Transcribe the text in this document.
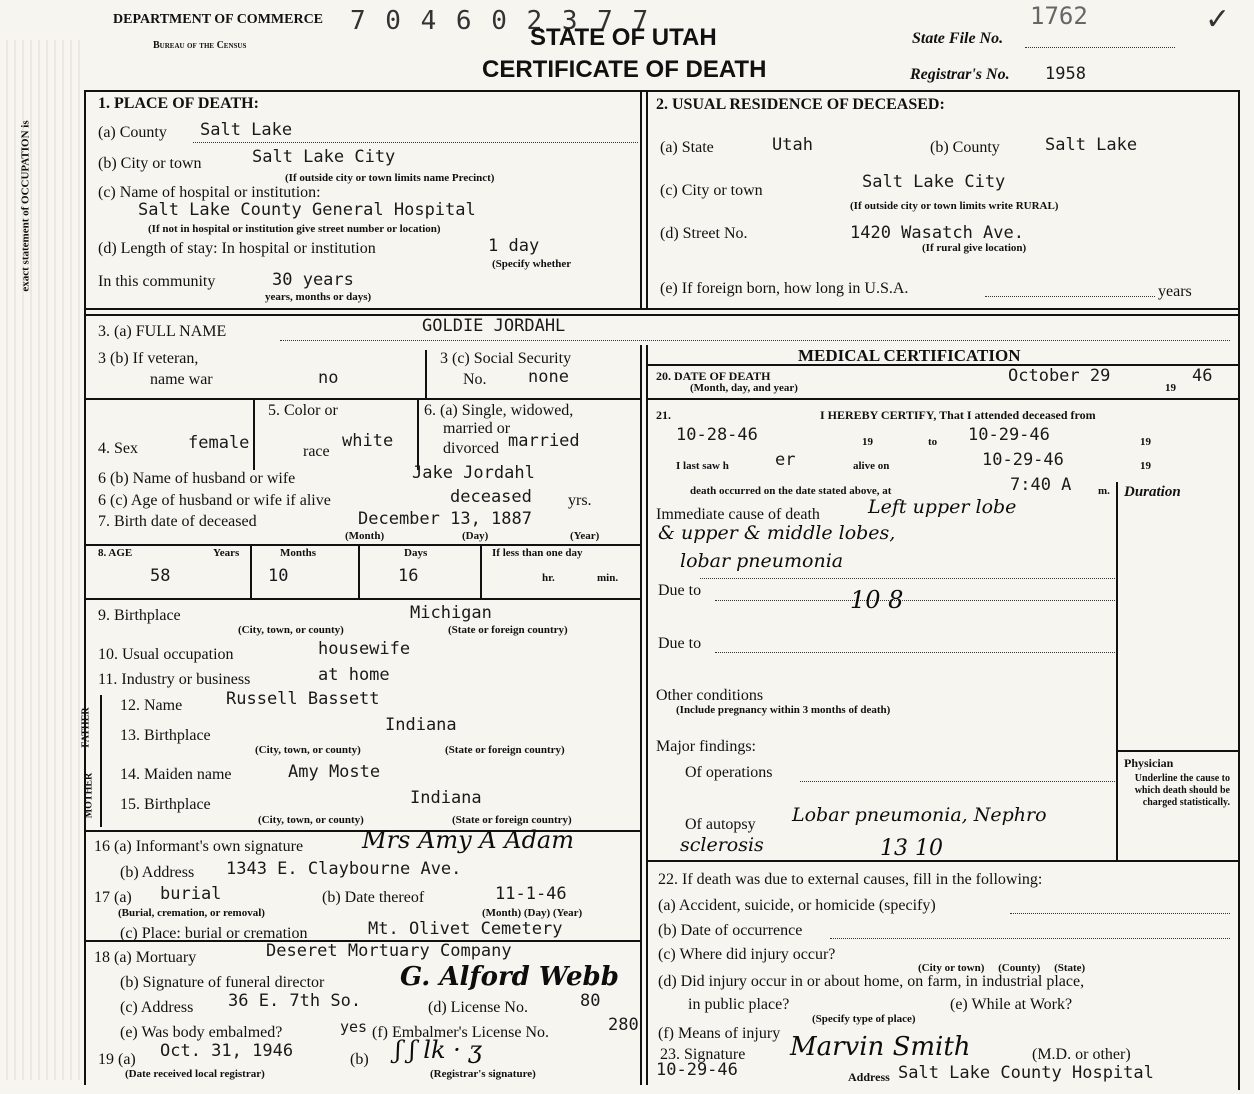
exact statement of OCCUPATION is
DEPARTMENT OF COMMERCE
Bureau of the Census
7 0 4 6 0 2 3 7 7
STATE OF UTAH
CERTIFICATE OF DEATH
State File No.
1762	✓
Registrar's No. 1958
1. PLACE OF DEATH:
(a) County Salt Lake
(b) City or town	Salt Lake City
(If outside city or town limits name Precinct)
(c) Name of hospital or institution:
Salt Lake County General Hospital
(If not in hospital or institution give street number or location)
(d) Length of stay: In hospital or institution	1 day
(Specify whether
In this community	30 years
years, months or days)
2. USUAL RESIDENCE OF DECEASED:
(a) State	Utah	(b) County	Salt Lake
(c) City or town	Salt Lake City
(If outside city or town limits write RURAL)
(d) Street No.	1420 Wasatch Ave.
(If rural give location)
(e) If foreign born, how long in U.S.A.	years
3. (a) FULL NAME	GOLDIE JORDAHL
3 (b) If veteran,
name war	no
3 (c) Social Security
No. none
4. Sex	female
5. Color or
race
white
6. (a) Single, widowed,
married or
divorced married
6 (b) Name of husband or wife	Jake Jordahl
6 (c) Age of husband or wife if alive	deceased yrs.
7. Birth date of deceased	December 13, 1887
(Month)	(Day)	(Year)
8. AGE	Years	Months	Days	If less than one day
58	10	16	hr.	min.
9. Birthplace	Michigan
(City, town, or county)	(State or foreign country)
10. Usual occupation	housewife
11. Industry or business	at home
FATHER
MOTHER
12. Name	Russell Bassett
13. Birthplace
Indiana
(City, town, or county)	(State or foreign country)
14. Maiden name	Amy Moste
15. Birthplace	Indiana
(City, town, or county)	(State or foreign country)
16 (a) Informant's own signature Mrs Amy A Adam
(b) Address 1343 E. Claybourne Ave.
17 (a) burial
(Burial, cremation, or removal)
(b) Date thereof	11-1-46
(Month) (Day) (Year)
(c) Place: burial or cremation	Mt. Olivet Cemetery
18 (a) Mortuary	Deseret Mortuary Company
(b) Signature of funeral director	G. Alford Webb
(c) Address 36 E. 7th So.	(d) License No.	80
(e) Was body embalmed?	yes (f) Embalmer's License No.	280
19 (a) Oct. 31, 1946
(Date received local registrar)
(b) ʃ ʃ lk · ʒ
(Registrar's signature)
MEDICAL CERTIFICATION
20. DATE OF DEATH
(Month, day, and year)
October 29
19
46
21.	I HEREBY CERTIFY, That I attended deceased from
10-28-46	19	to 10-29-46	19
I last saw h	er	alive on	10-29-46	19
death occurred on the date stated above, at	7:40 A m. Duration
Immediate cause of death	Left upper lobe
& upper & middle lobes,
lobar pneumonia
Due to	10 8
Due to
Other conditions
(Include pregnancy within 3 months of death)
Major findings:
Of operations
Of autopsy Lobar pneumonia, Nephro
sclerosis	13 10
Physician
Underline the cause to which death should be charged statistically.
22. If death was due to external causes, fill in the following:
(a) Accident, suicide, or homicide (specify)
(b) Date of occurrence
(c) Where did injury occur?
(City or town)     (County)     (State)
(d) Did injury occur in or about home, on farm, in industrial place,
in public place?
(Specify type of place)
(e) While at Work?
(f) Means of injury
23. Signature Marvin Smith	(M.D. or other)
10-29-46	Address Salt Lake County Hospital
